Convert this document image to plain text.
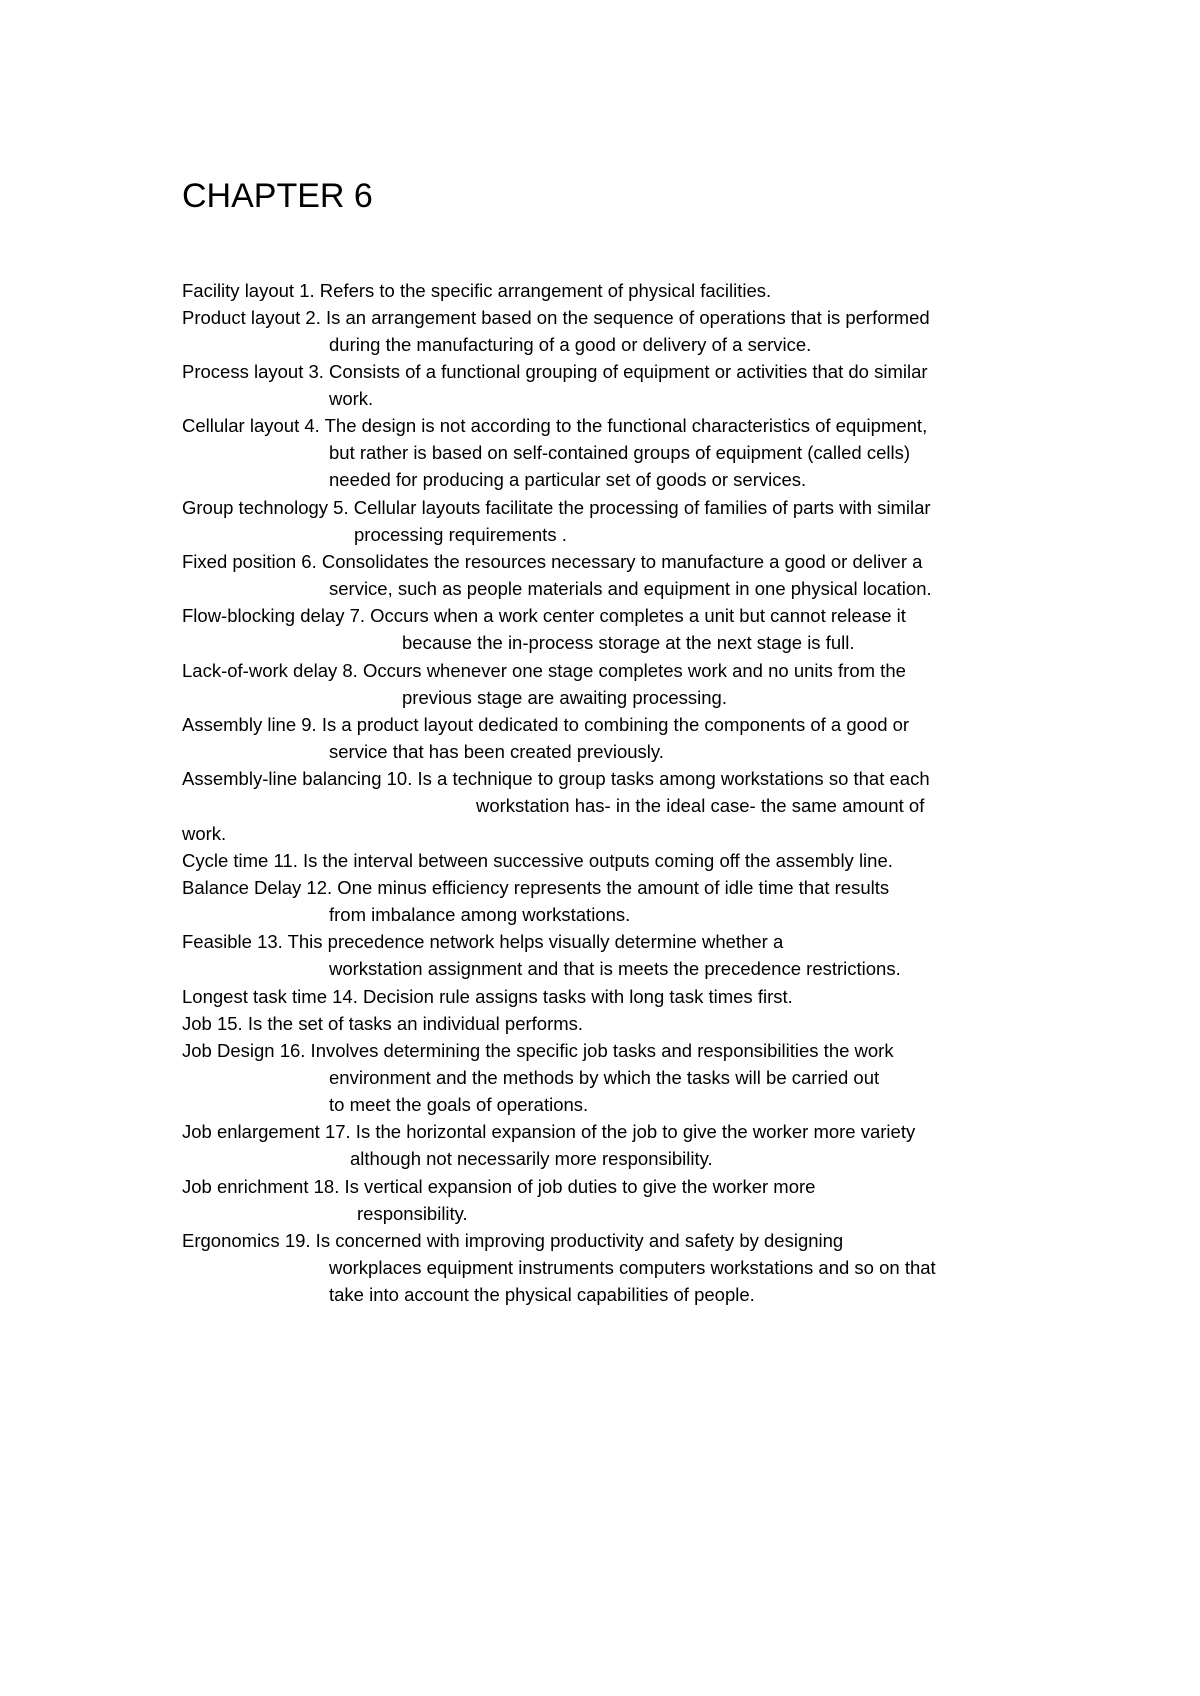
CHAPTER 6
Facility layout 1. Refers to the specific arrangement of physical facilities.
Product layout 2. Is an arrangement based on the sequence of operations that is performed
during the manufacturing of a good or delivery of a service.
Process layout 3. Consists of a functional grouping of equipment or activities that do similar
work.
Cellular layout 4. The design is not according to the functional characteristics of equipment,
but rather is based on self-contained groups of equipment (called cells)
needed for producing a particular set of goods or services.
Group technology 5. Cellular layouts facilitate the processing of families of parts with similar
processing requirements .
Fixed position 6. Consolidates the resources necessary to manufacture a good or deliver a
service, such as people materials and equipment in one physical location.
Flow-blocking delay 7. Occurs when a work center completes a unit but cannot release it
because the in-process storage at the next stage is full.
Lack-of-work delay 8. Occurs whenever one stage completes work and no units from the
previous stage are awaiting processing.
Assembly line 9. Is a product layout dedicated to combining the components of a good or
service that has been created previously.
Assembly-line balancing 10. Is a technique to group tasks among workstations so that each
workstation has- in the ideal case- the same amount of
work.
Cycle time 11. Is the interval between successive outputs coming off the assembly line.
Balance Delay 12. One minus efficiency represents the amount of idle time that results
from imbalance among workstations.
Feasible 13. This precedence network helps visually determine whether a
workstation assignment and that is meets the precedence restrictions.
Longest task time 14. Decision rule assigns tasks with long task times first.
Job 15. Is the set of tasks an individual performs.
Job Design 16. Involves determining the specific job tasks and responsibilities the work
environment and the methods by which the tasks will be carried out
to meet the goals of operations.
Job enlargement 17. Is the horizontal expansion of the job to give the worker more variety
although not necessarily more responsibility.
Job enrichment 18. Is vertical expansion of job duties to give the worker more
responsibility.
Ergonomics 19. Is concerned with improving productivity and safety by designing
workplaces equipment instruments computers workstations and so on that
take into account the physical capabilities of people.
